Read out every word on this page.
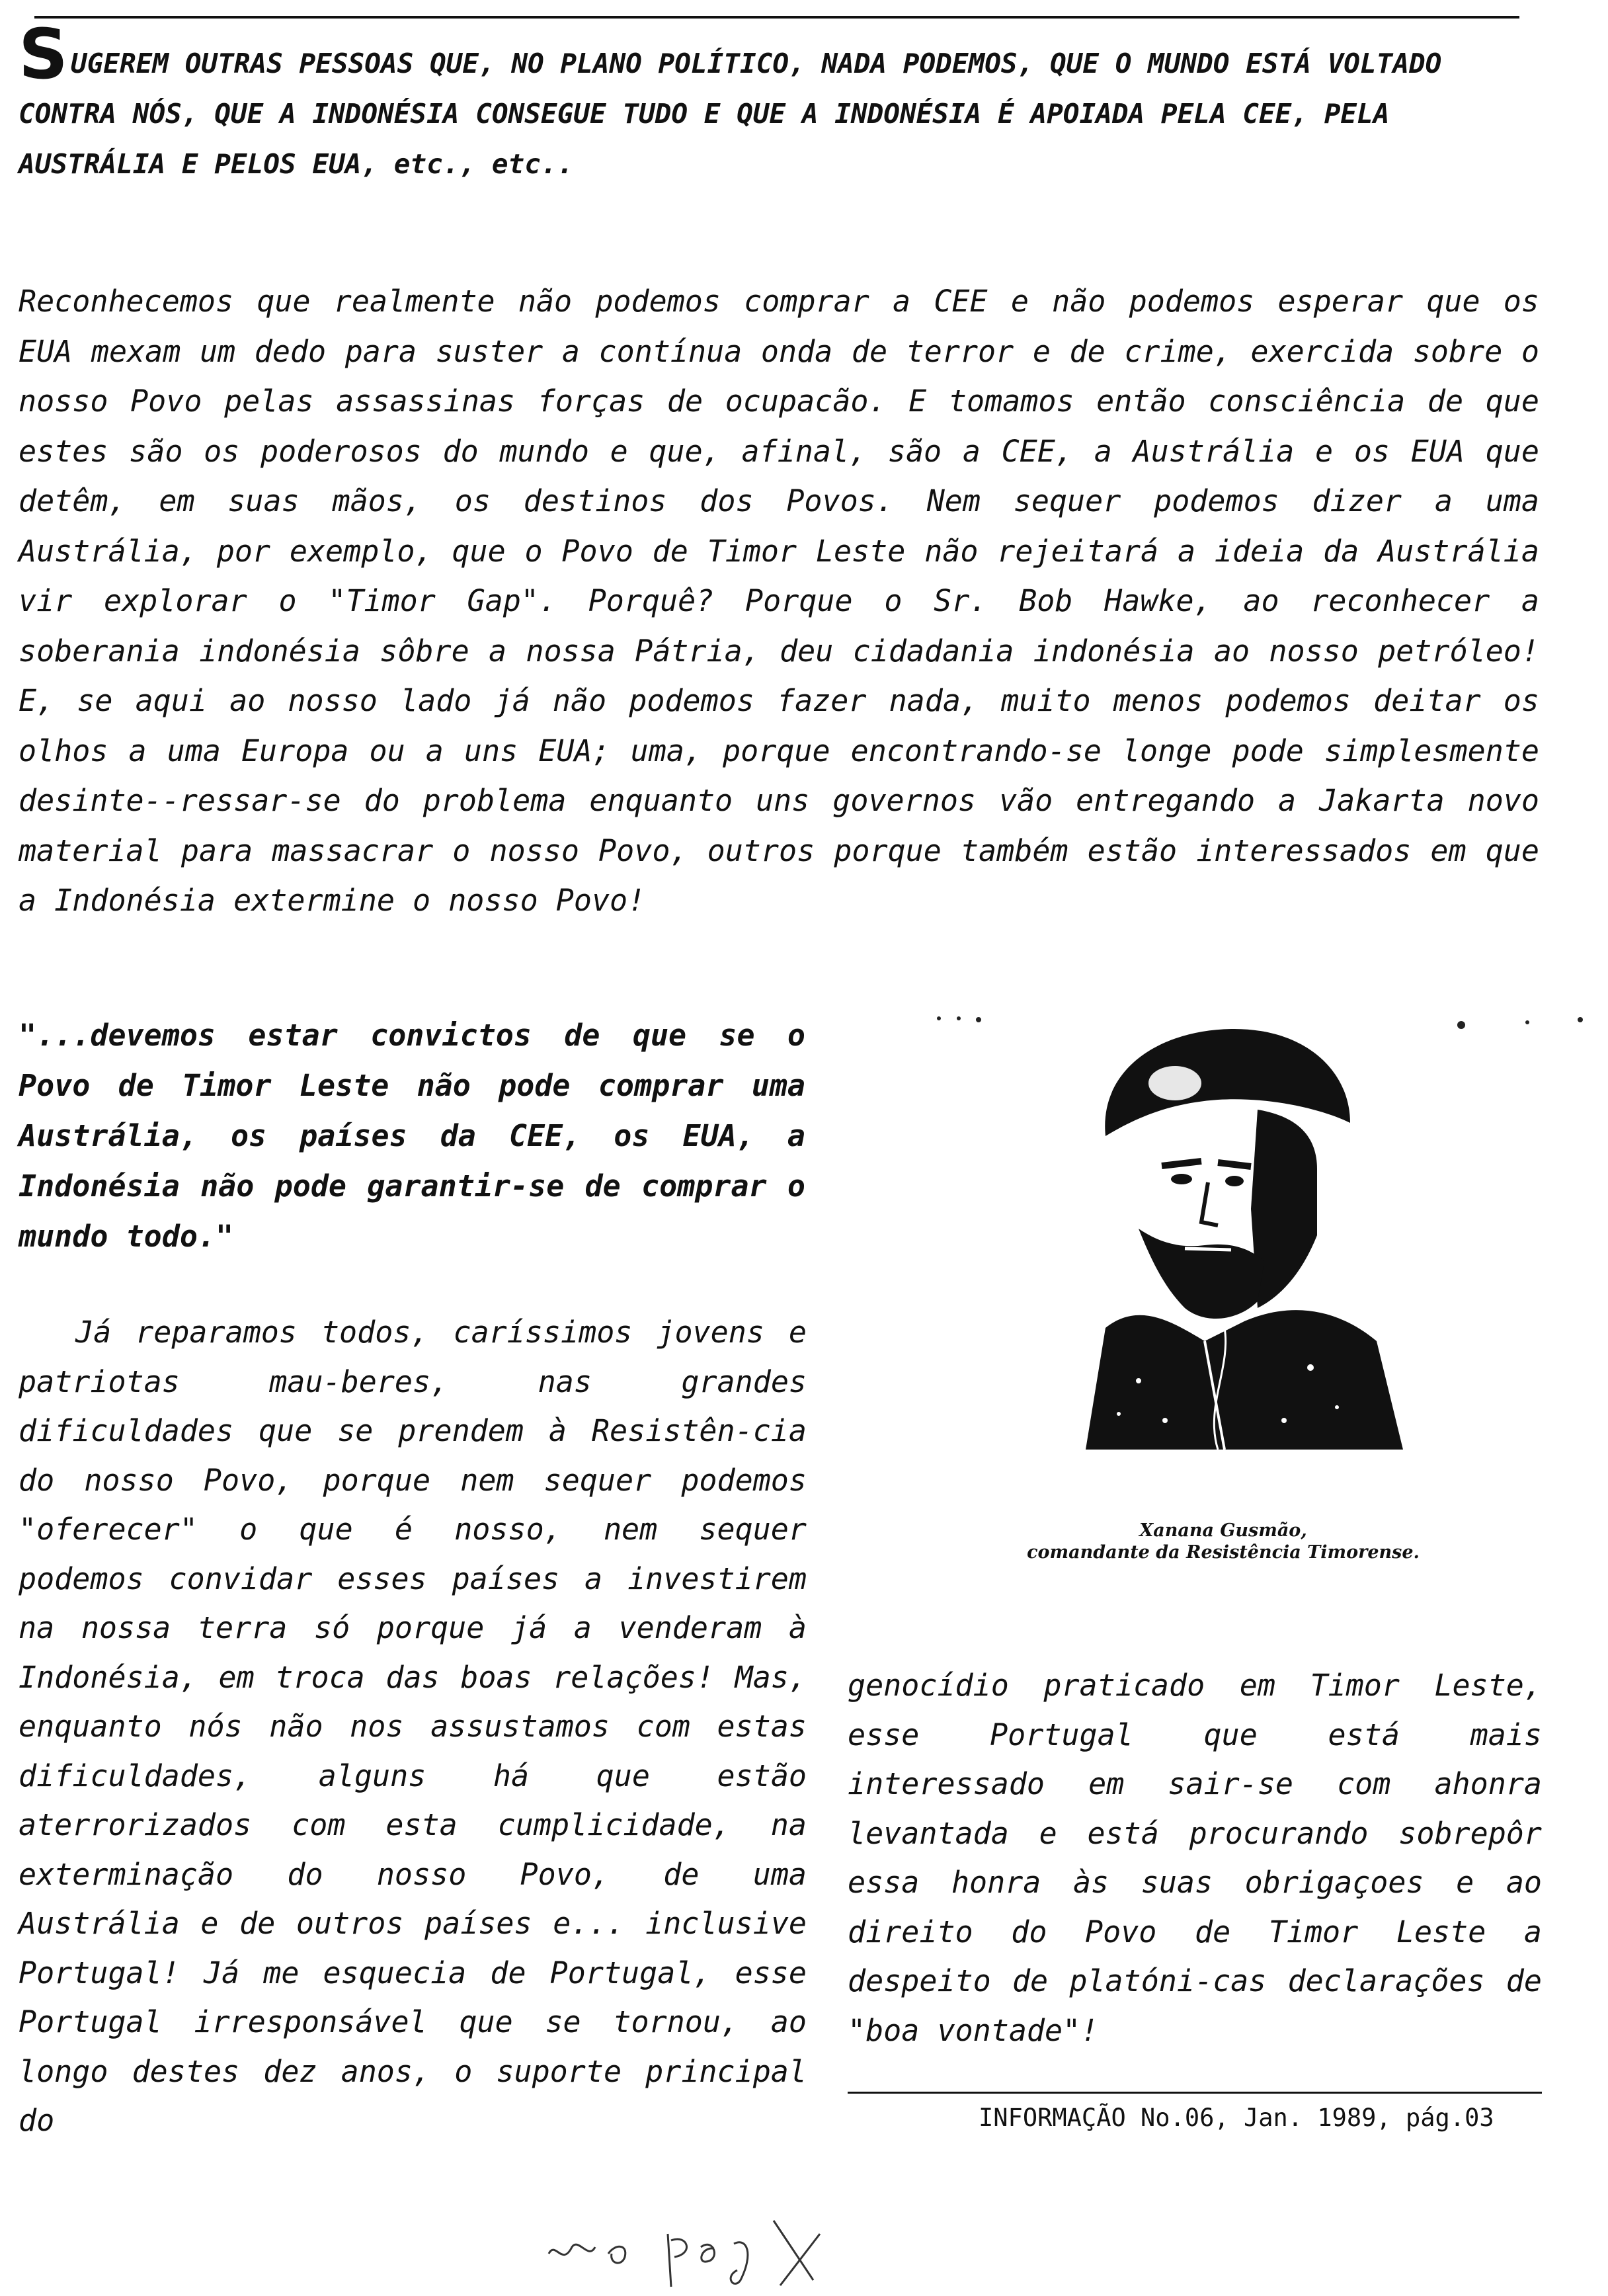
SUGEREM OUTRAS PESSOAS QUE, NO PLANO POLÍTICO, NADA PODEMOS, QUE O MUNDO ESTÁ VOLTADO CONTRA NÓS, QUE A INDONÉSIA CONSEGUE TUDO E QUE A INDONÉSIA É APOIADA PELA CEE, PELA AUSTRÁLIA E PELOS EUA, etc., etc..
Reconhecemos que realmente não podemos comprar a CEE e não podemos esperar que os EUA mexam um dedo para suster a contínua onda de terror e de crime, exercida sobre o nosso Povo pelas assassinas forças de ocupacão. E tomamos então consciência de que estes são os poderosos do mundo e que, afinal, são a CEE, a Austrália e os EUA que detêm, em suas mãos, os destinos dos Povos. Nem sequer podemos dizer a uma Austrália, por exemplo, que o Povo de Timor Leste não rejeitará a ideia da Austrália vir explorar o "Timor Gap". Porquê? Porque o Sr. Bob Hawke, ao reconhecer a soberania indonésia sôbre a nossa Pátria, deu cidadania indonésia ao nosso petróleo! E, se aqui ao nosso lado já não podemos fazer nada, muito menos podemos deitar os olhos a uma Europa ou a uns EUA; uma, porque encontrando-se longe pode simplesmente desinte--ressar-se do problema enquanto uns governos vão entregando a Jakarta novo material para massacrar o nosso Povo, outros porque também estão interessados em que a Indonésia extermine o nosso Povo!
"...devemos estar convictos de que se o Povo de Timor Leste não pode comprar uma Austrália, os países da CEE, os EUA, a Indonésia não pode garantir-se de comprar o mundo todo."
Já reparamos todos, caríssimos jovens e patriotas mau-beres, nas grandes dificuldades que se prendem à Resistên-cia do nosso Povo, porque nem sequer podemos "oferecer" o que é nosso, nem sequer podemos convidar esses países a investirem na nossa terra só porque já a venderam à Indonésia, em troca das boas relações! Mas, enquanto nós não nos assustamos com estas dificuldades, alguns há que estão aterrorizados com esta cumplicidade, na exterminação do nosso Povo, de uma Austrália e de outros países e... inclusive Portugal! Já me esquecia de Portugal, esse Portugal irresponsável que se tornou, ao longo destes dez anos, o suporte principal do
Xanana Gusmão,
comandante da Resistência Timorense.
genocídio praticado em Timor Leste, esse Portugal que está mais interessado em sair-se com ahonra levantada e está procurando sobrepôr essa honra às suas obrigaçoes e ao direito do Povo de Timor Leste a despeito de platóni-cas declarações de "boa vontade"!
INFORMAÇÃO No.06, Jan. 1989, pág.03
